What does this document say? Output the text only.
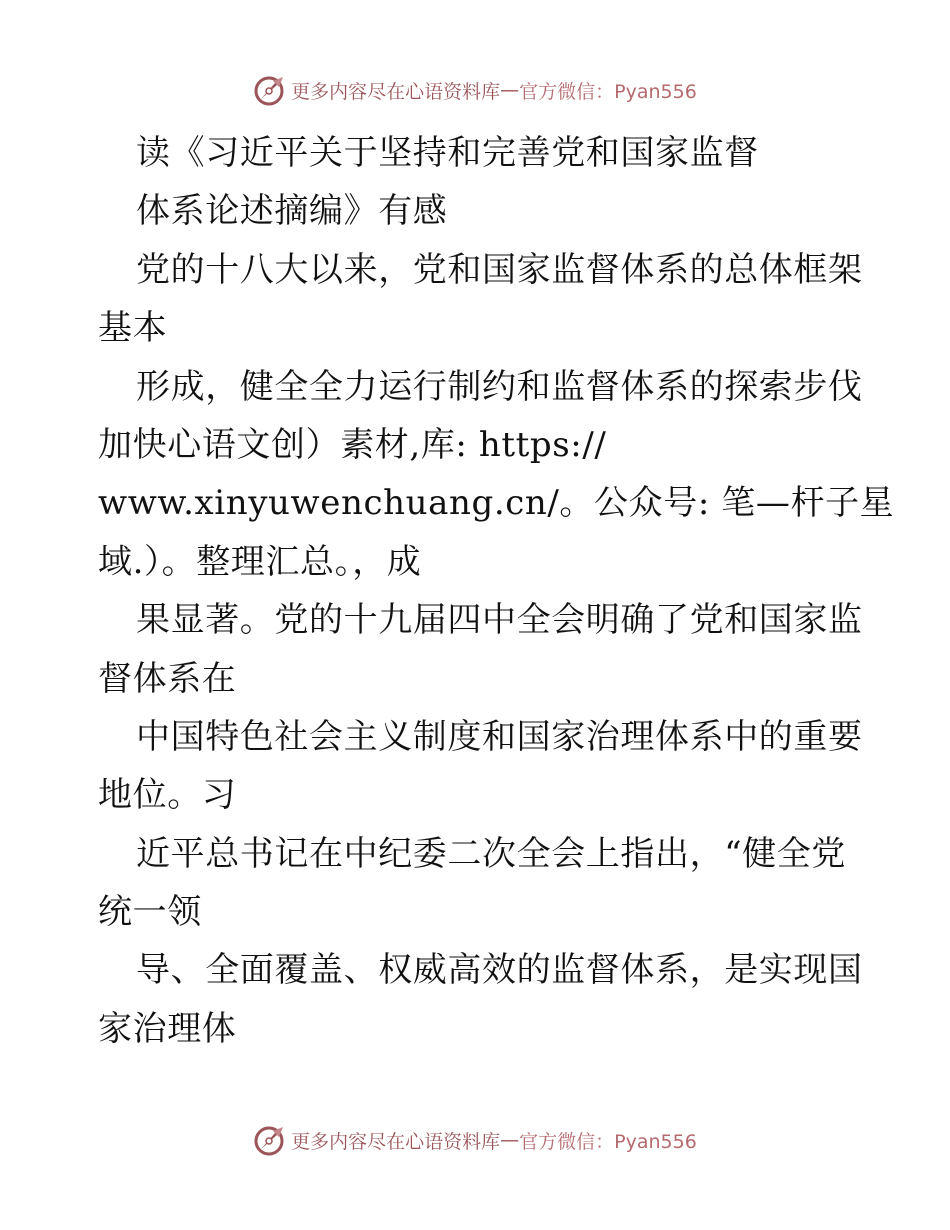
更多内容尽在心语资料库 — 官方微信：Pyan556
读《习近平关于坚持和完善党和国家监督
体系论述摘编》有感
党的十八大以来，党和国家监督体系的总体框架
基本
形成，健全全力运行制约和监督体系的探索步伐
加快心语文创）素材,库: https://
www.xinyuwenchuang.cn/。公众号: 笔—杆子星
域.）。整理汇总。，成
果显著。党的十九届四中全会明确了党和国家监
督体系在
中国特色社会主义制度和国家治理体系中的重要
地位。习
近平总书记在中纪委二次全会上指出，“健全党
统一领
导、全面覆盖、权威高效的监督体系，是实现国
家治理体
更多内容尽在心语资料库 — 官方微信：Pyan556
